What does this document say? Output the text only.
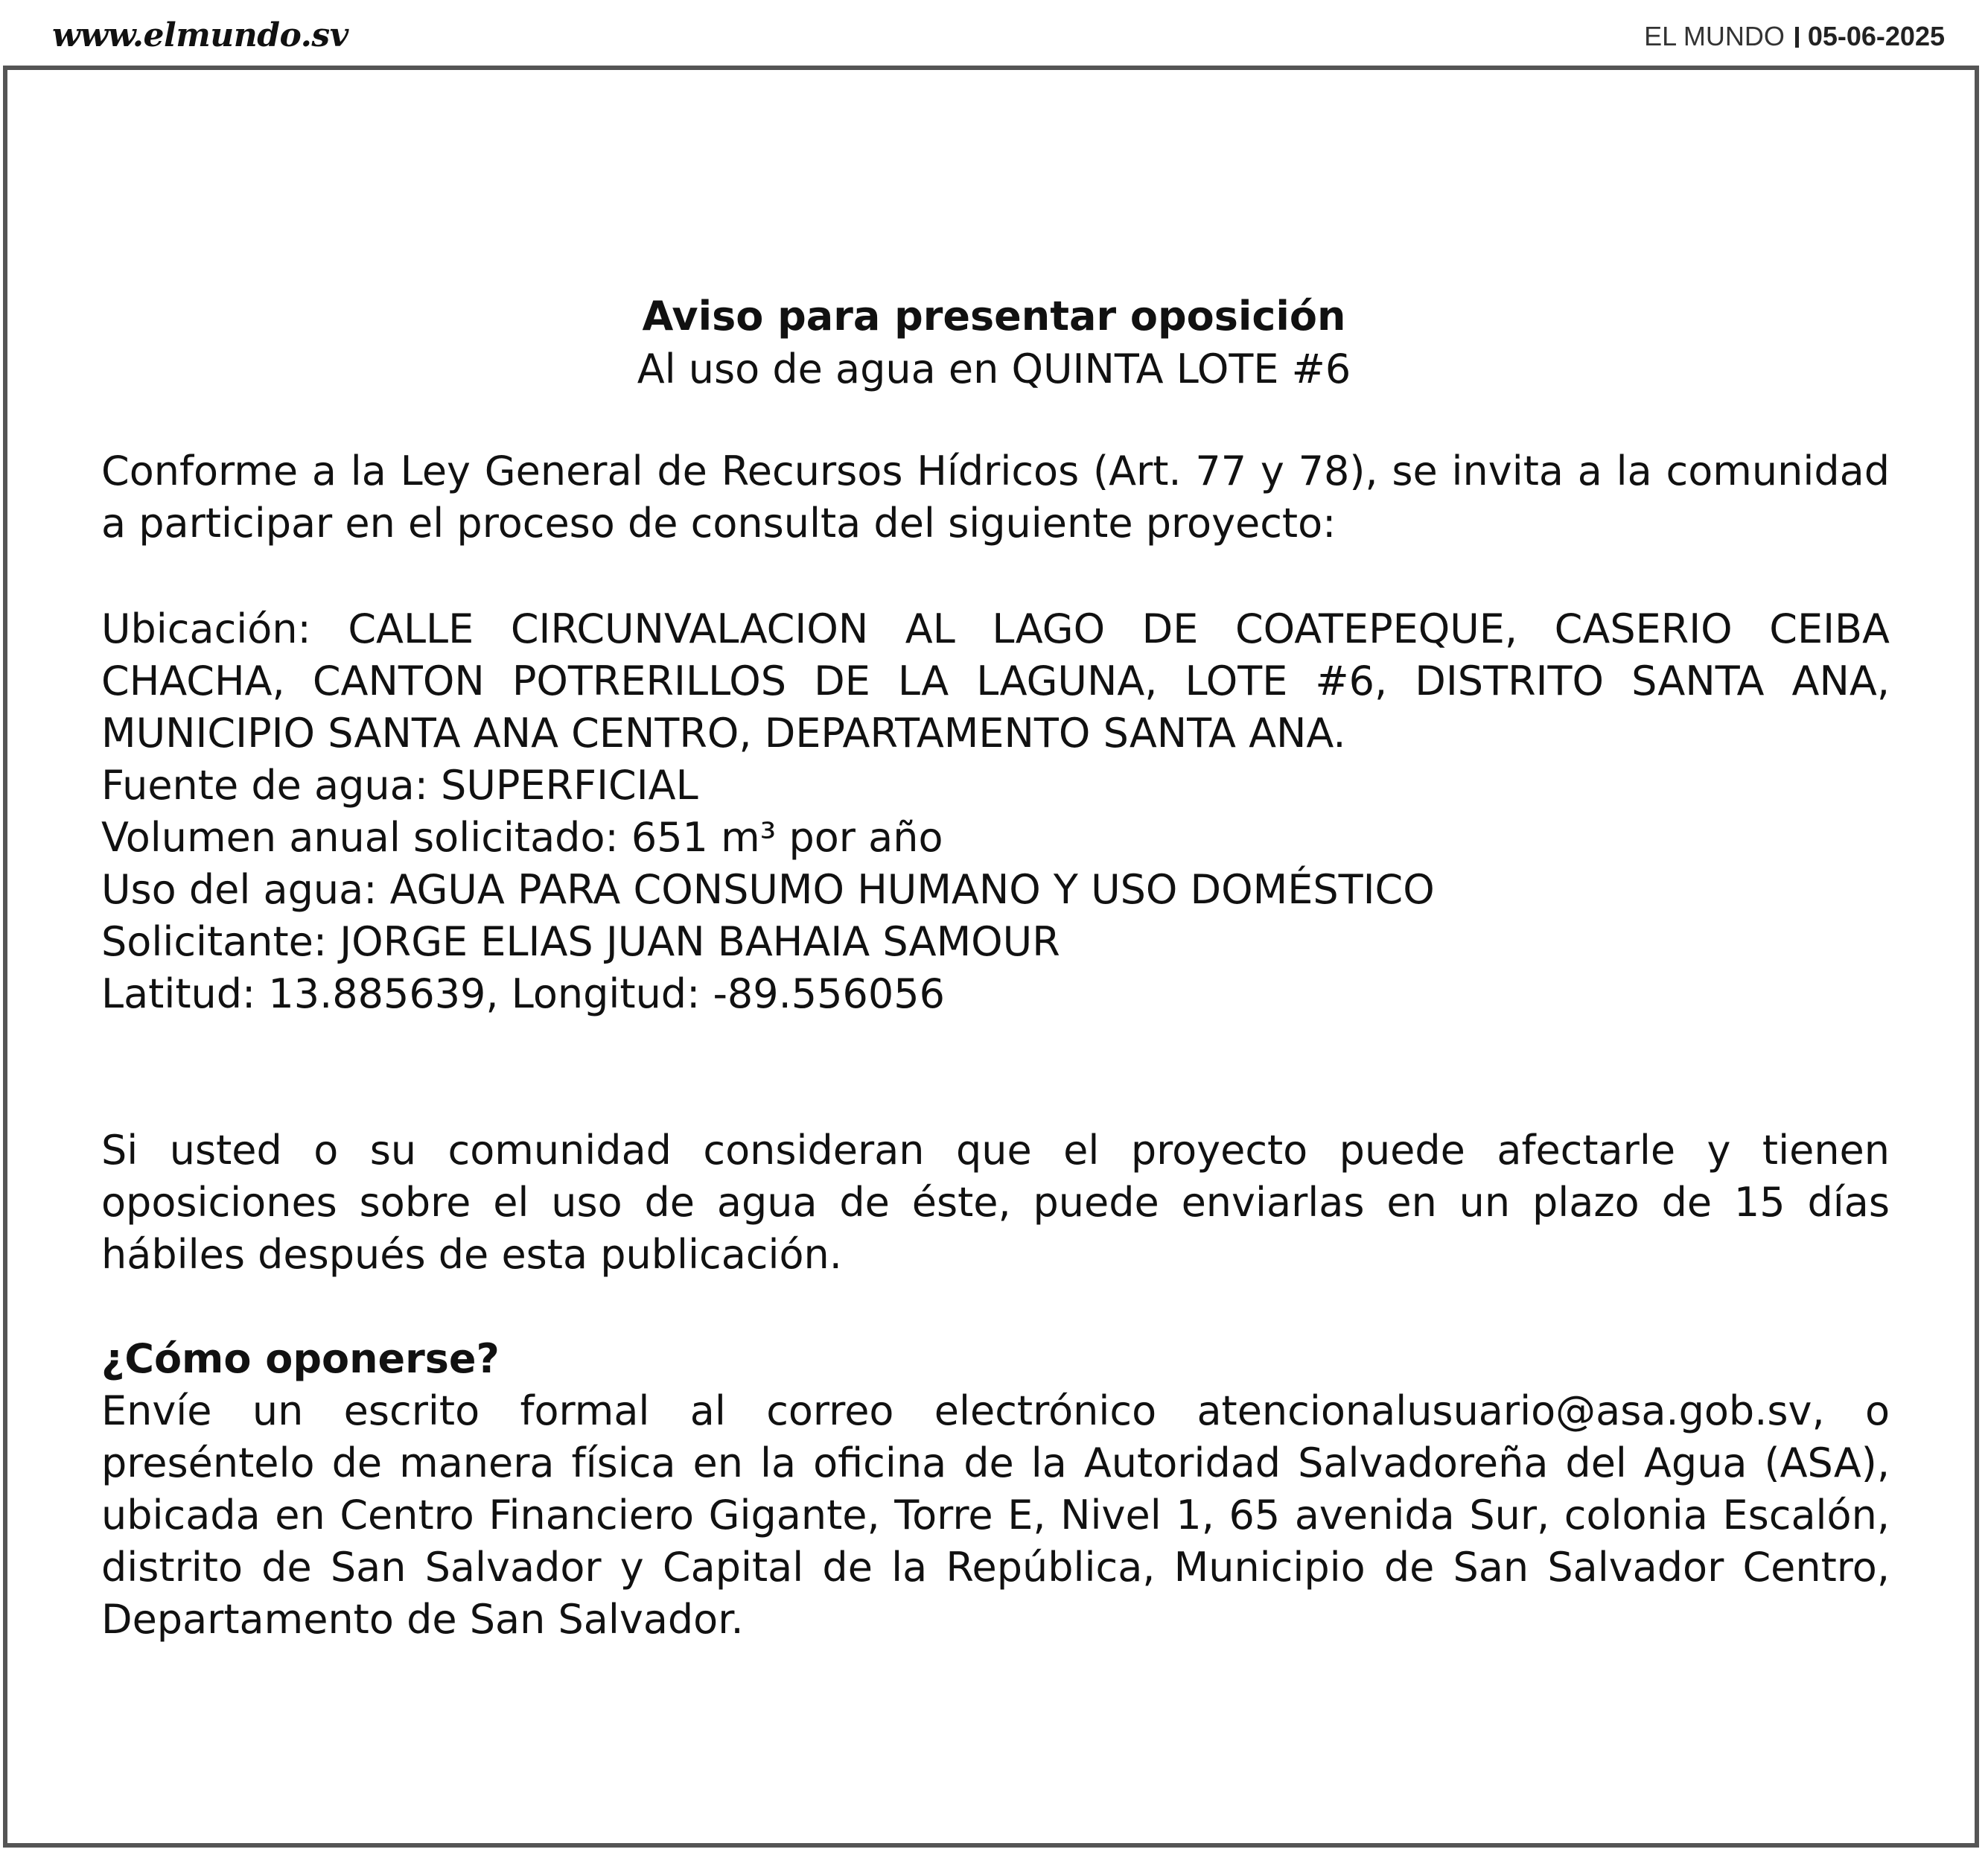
www.elmundo.sv	EL MUNDO 05-06-2025
Aviso para presentar oposición
Al uso de agua en QUINTA LOTE #6

Conforme a la Ley General de Recursos Hídricos (Art. 77 y 78), se invita a la comunidad a participar en el proceso de consulta del siguiente proyecto:

Ubicación: CALLE CIRCUNVALACION AL LAGO DE COATEPEQUE, CASERIO CEIBA CHACHA, CANTON POTRERILLOS DE LA LAGUNA, LOTE #6, DISTRITO SANTA ANA, MUNICIPIO SANTA ANA CENTRO, DEPARTAMENTO SANTA ANA.
Fuente de agua: SUPERFICIAL
Volumen anual solicitado: 651 m³ por año
Uso del agua: AGUA PARA CONSUMO HUMANO Y USO DOMÉSTICO
Solicitante: JORGE ELIAS JUAN BAHAIA SAMOUR
Latitud: 13.885639, Longitud: -89.556056

Si usted o su comunidad consideran que el proyecto puede afectarle y tienen oposiciones sobre el uso de agua de éste, puede enviarlas en un plazo de 15 días hábiles después de esta publicación.

¿Cómo oponerse?

Envíe un escrito formal al correo electrónico atencionalusuario@asa.gob.sv, o preséntelo de manera física en la oficina de la Autoridad Salvadoreña del Agua (ASA), ubicada en Centro Financiero Gigante, Torre E, Nivel 1, 65 avenida Sur, colonia Escalón, distrito de San Salvador y Capital de la República, Municipio de San Salvador Centro, Departamento de San Salvador.
